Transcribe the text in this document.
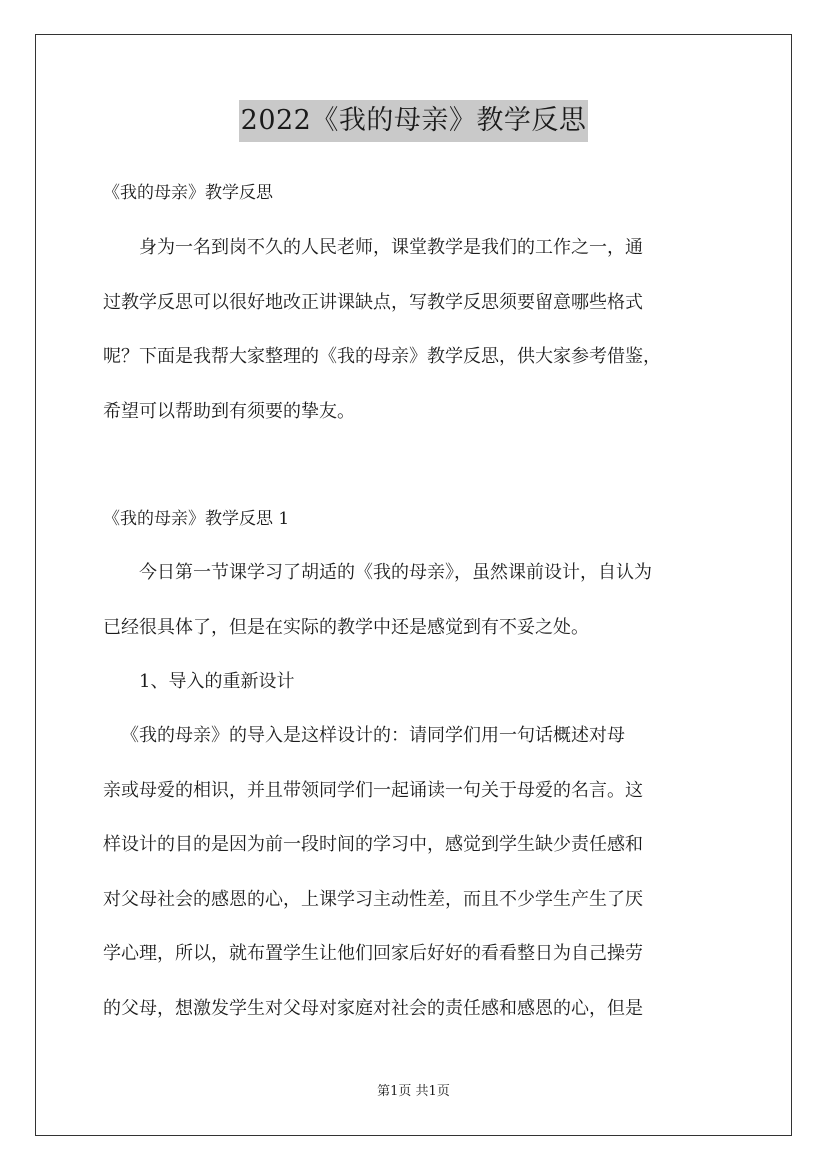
2022《我的母亲》教学反思
《我的母亲》教学反思
身为一名到岗不久的人民老师，课堂教学是我们的工作之一，通
过教学反思可以很好地改正讲课缺点，写教学反思须要留意哪些格式
呢？下面是我帮大家整理的《我的母亲》教学反思，供大家参考借鉴，
希望可以帮助到有须要的挚友。
《我的母亲》教学反思 1
今日第一节课学习了胡适的《我的母亲》，虽然课前设计，自认为
已经很具体了，但是在实际的教学中还是感觉到有不妥之处。
1、导入的重新设计
《我的母亲》的导入是这样设计的：请同学们用一句话概述对母
亲或母爱的相识，并且带领同学们一起诵读一句关于母爱的名言。这
样设计的目的是因为前一段时间的学习中，感觉到学生缺少责任感和
对父母社会的感恩的心，上课学习主动性差，而且不少学生产生了厌
学心理，所以，就布置学生让他们回家后好好的看看整日为自己操劳
的父母，想激发学生对父母对家庭对社会的责任感和感恩的心，但是
第1页 共1页
